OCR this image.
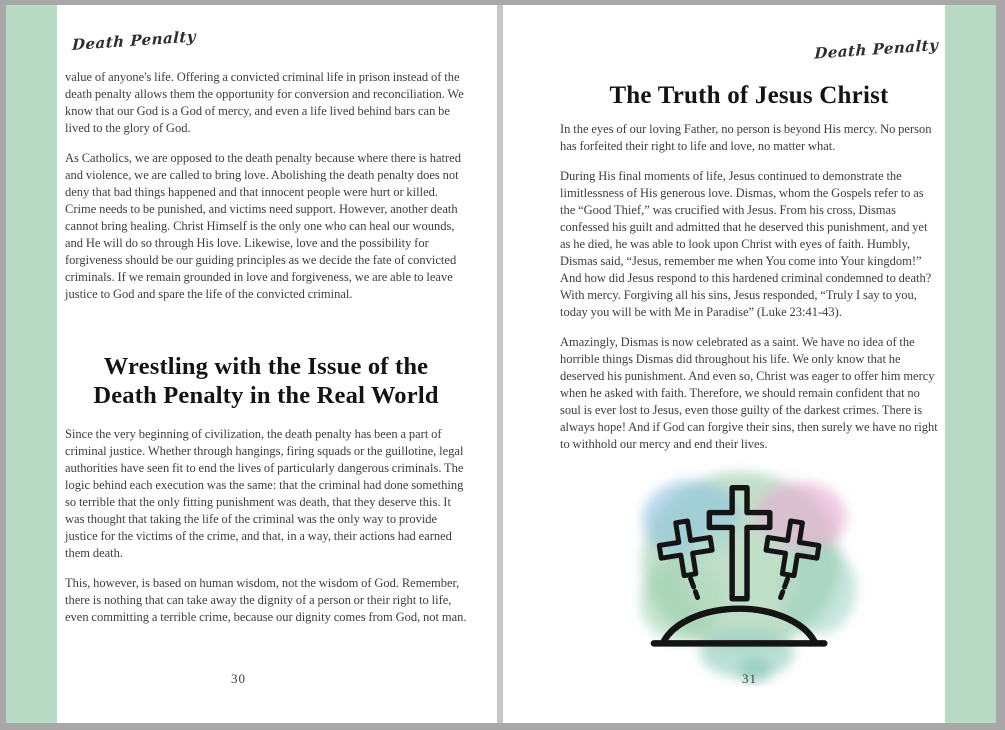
Death Penalty

value of anyone's life. Offering a convicted criminal life in prison instead of the death penalty allows them the opportunity for conversion and reconciliation. We know that our God is a God of mercy, and even a life lived behind bars can be lived to the glory of God.

As Catholics, we are opposed to the death penalty because where there is hatred and violence, we are called to bring love. Abolishing the death penalty does not deny that bad things happened and that innocent people were hurt or killed. Crime needs to be punished, and victims need support. However, another death cannot bring healing. Christ Himself is the only one who can heal our wounds, and He will do so through His love. Likewise, love and the possibility for forgiveness should be our guiding principles as we decide the fate of convicted criminals. If we remain grounded in love and forgiveness, we are able to leave justice to God and spare the life of the convicted criminal.

Wrestling with the Issue of the
Death Penalty in the Real World

Since the very beginning of civilization, the death penalty has been a part of criminal justice. Whether through hangings, firing squads or the guillotine, legal authorities have seen fit to end the lives of particularly dangerous criminals. The logic behind each execution was the same: that the criminal had done something so terrible that the only fitting punishment was death, that they deserve this. It was thought that taking the life of the criminal was the only way to provide justice for the victims of the crime, and that, in a way, their actions had earned them death.

This, however, is based on human wisdom, not the wisdom of God. Remember, there is nothing that can take away the dignity of a person or their right to life, even committing a terrible crime, because our dignity comes from God, not man.

30
Death Penalty
The Truth of Jesus Christ

In the eyes of our loving Father, no person is beyond His mercy. No person has forfeited their right to life and love, no matter what.

During His final moments of life, Jesus continued to demonstrate the limitlessness of His generous love. Dismas, whom the Gospels refer to as the “Good Thief,” was crucified with Jesus. From his cross, Dismas confessed his guilt and admitted that he deserved this punishment, and yet as he died, he was able to look upon Christ with eyes of faith. Humbly, Dismas said, “Jesus, remember me when You come into Your kingdom!” And how did Jesus respond to this hardened criminal condemned to death? With mercy. Forgiving all his sins, Jesus responded, “Truly I say to you, today you will be with Me in Paradise” (Luke 23:41-43).

Amazingly, Dismas is now celebrated as a saint. We have no idea of the horrible things Dismas did throughout his life. We only know that he deserved his punishment. And even so, Christ was eager to offer him mercy when he asked with faith. Therefore, we should remain confident that no soul is ever lost to Jesus, even those guilty of the darkest crimes. There is always hope! And if God can forgive their sins, then surely we have no right to withhold our mercy and end their lives.

31
